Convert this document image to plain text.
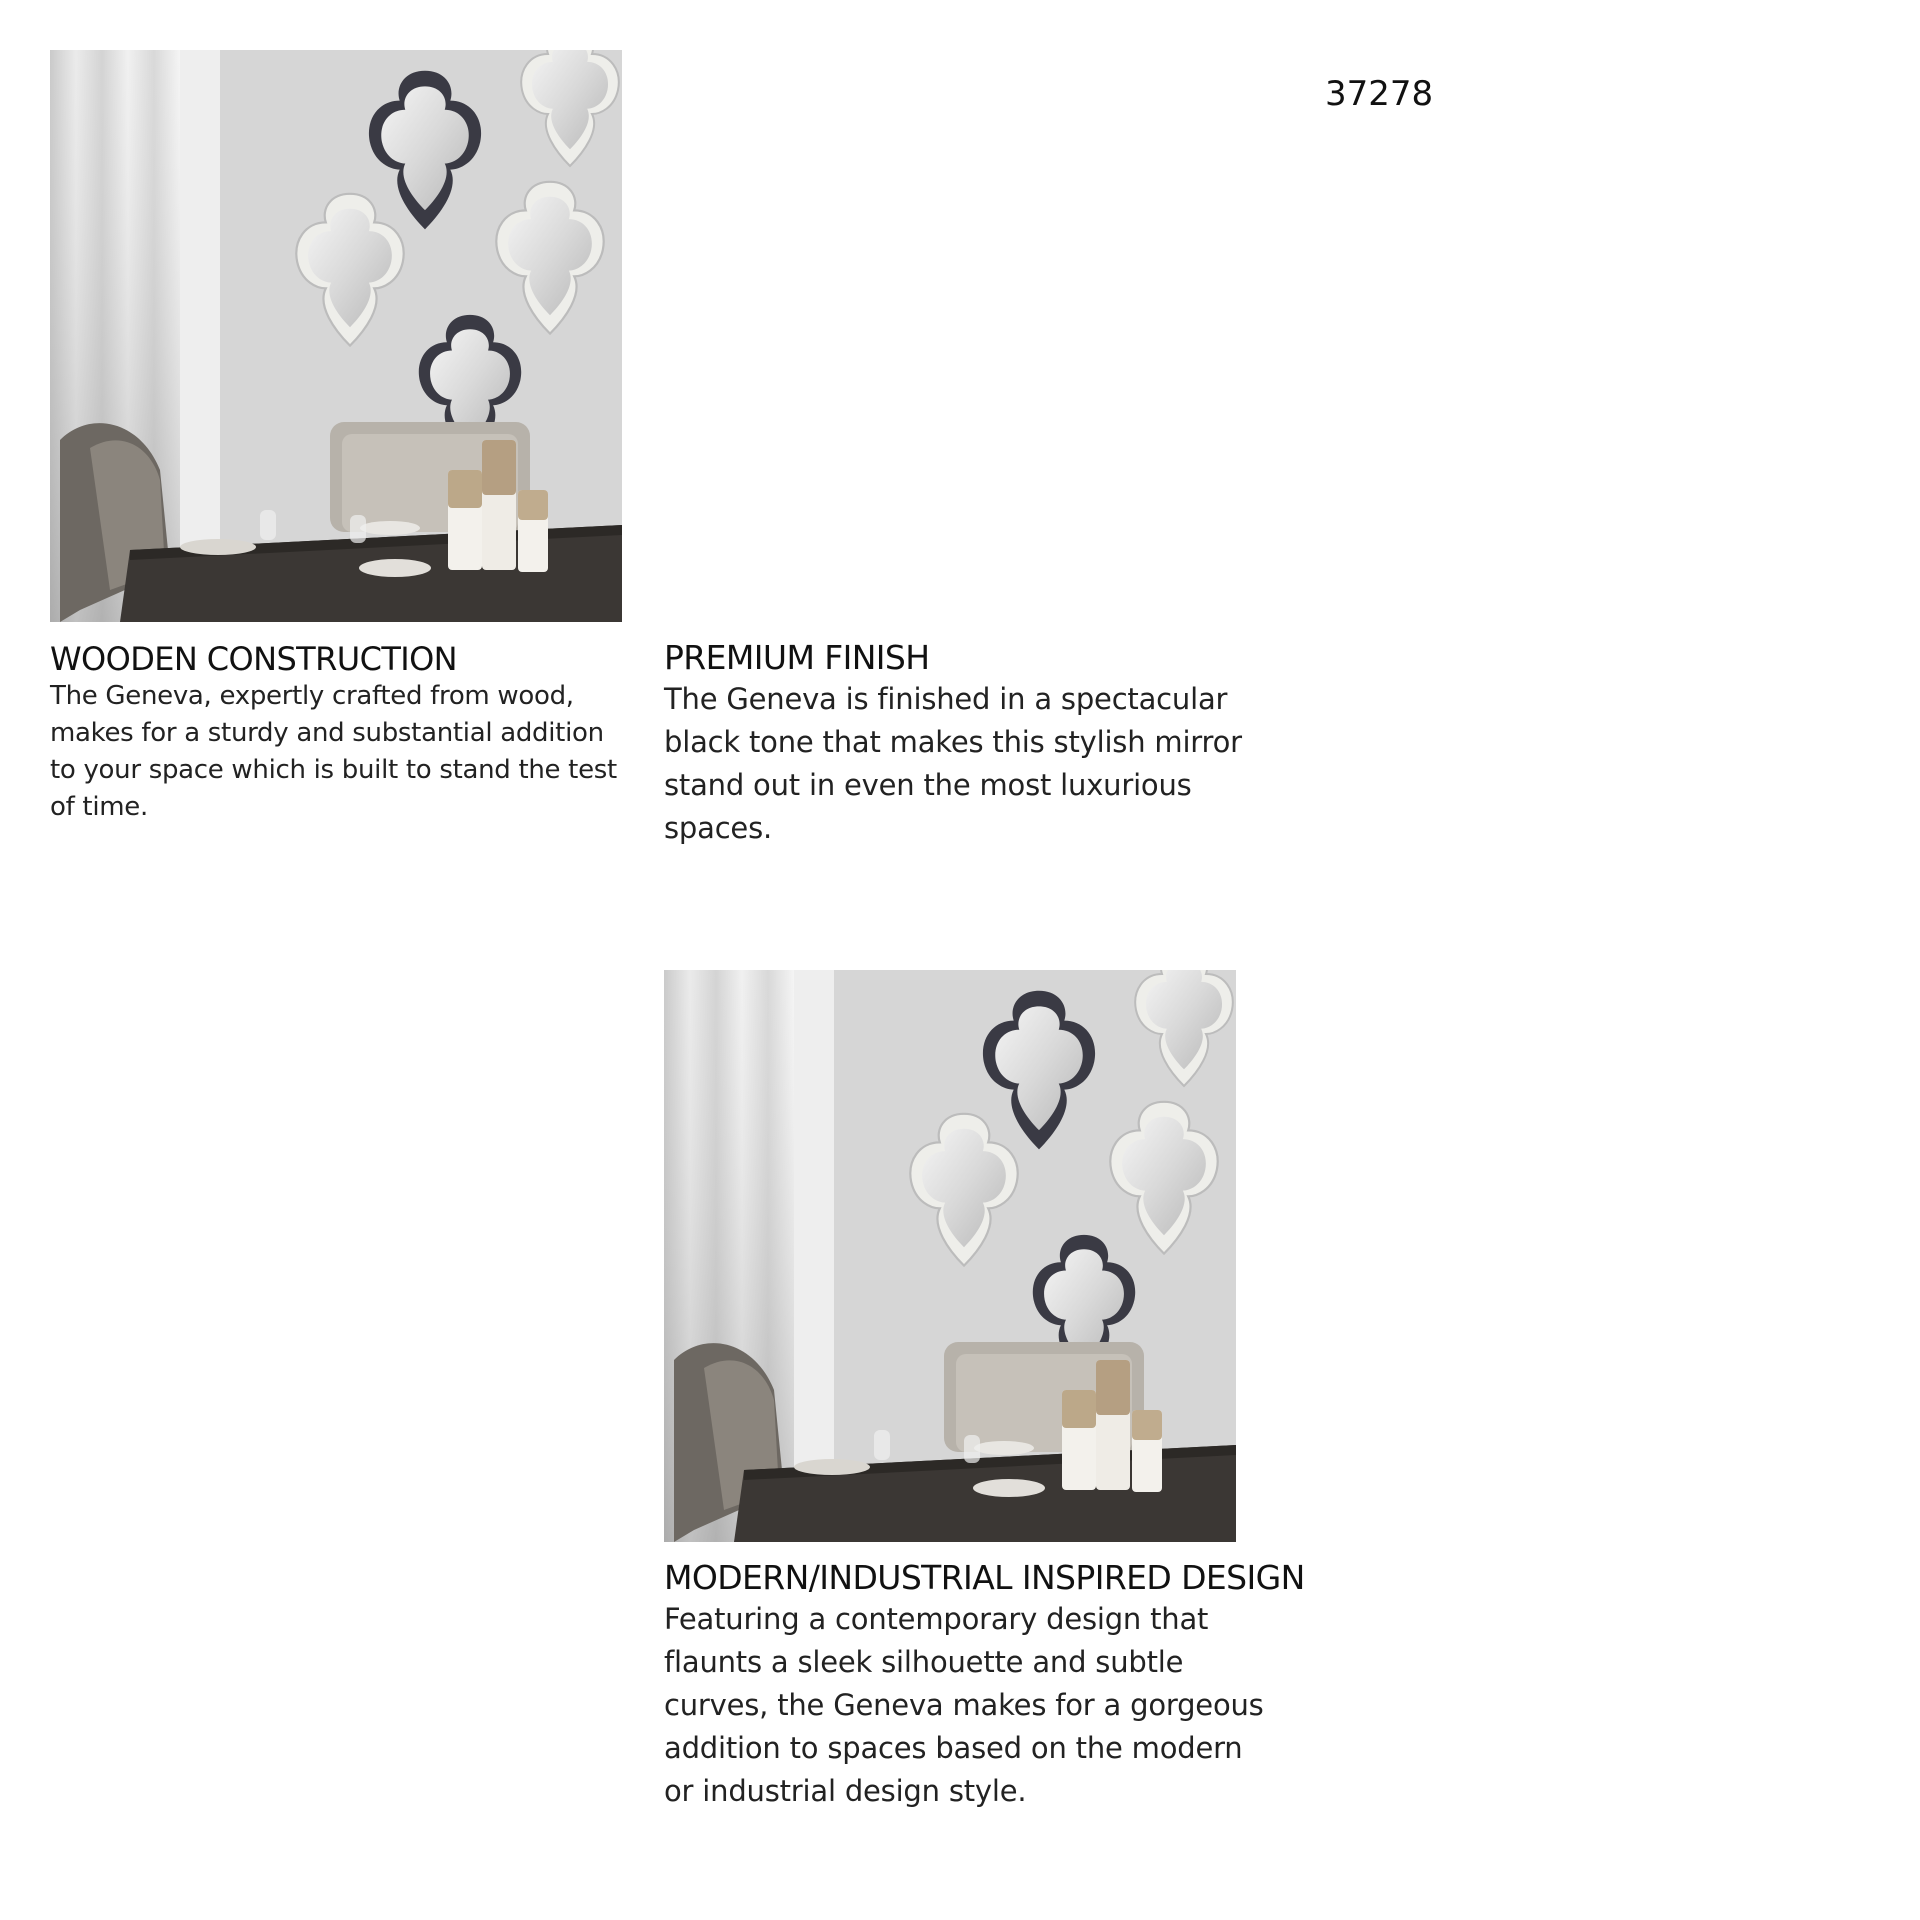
37278
WOODEN CONSTRUCTION

The Geneva, expertly crafted from wood, makes for a sturdy and substantial addition to your space which is built to stand the test of time.

PREMIUM FINISH

The Geneva is finished in a spectacular black tone that makes this stylish mirror stand out in even the most luxurious spaces.

MODERN/INDUSTRIAL INSPIRED DESIGN

Featuring a contemporary design that flaunts a sleek silhouette and subtle curves, the Geneva makes for a gorgeous addition to spaces based on the modern or industrial design style.
